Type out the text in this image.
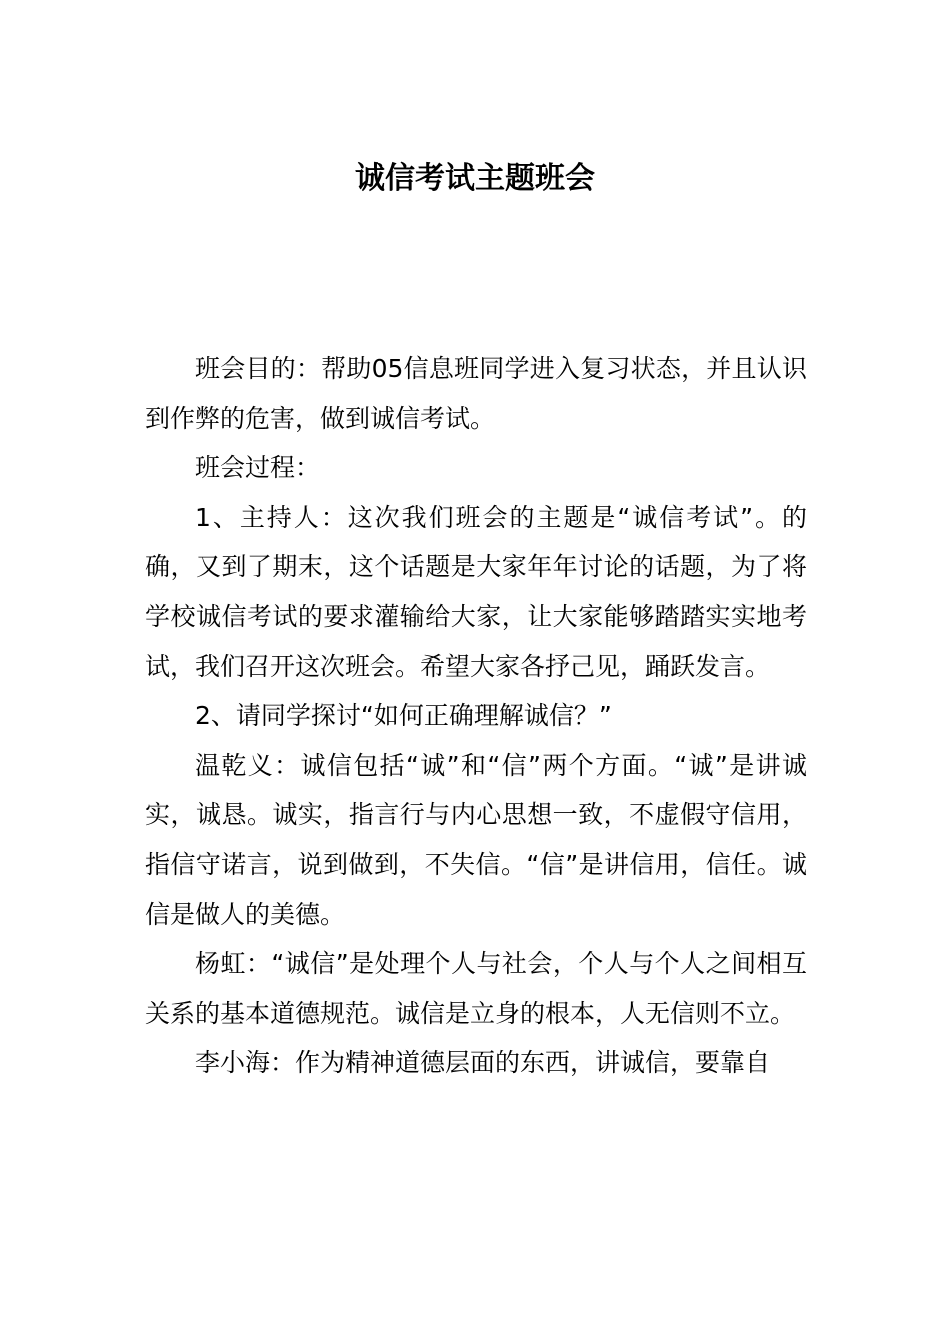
诚信考试主题班会

班会目的：帮助05信息班同学进入复习状态，并且认识到作弊的危害，做到诚信考试。

班会过程：

1、主持人：这次我们班会的主题是“诚信考试”。的确，又到了期末，这个话题是大家年年讨论的话题，为了将学校诚信考试的要求灌输给大家，让大家能够踏踏实实地考试，我们召开这次班会。希望大家各抒己见，踊跃发言。

2、请同学探讨“如何正确理解诚信？”

温乾义：诚信包括“诚”和“信”两个方面。“诚”是讲诚实，诚恳。诚实，指言行与内心思想一致，不虚假守信用，指信守诺言，说到做到，不失信。“信”是讲信用，信任。诚信是做人的美德。

杨虹：“诚信”是处理个人与社会，个人与个人之间相互关系的基本道德规范。诚信是立身的根本，人无信则不立。

李小海：作为精神道德层面的东西，讲诚信，要靠自
